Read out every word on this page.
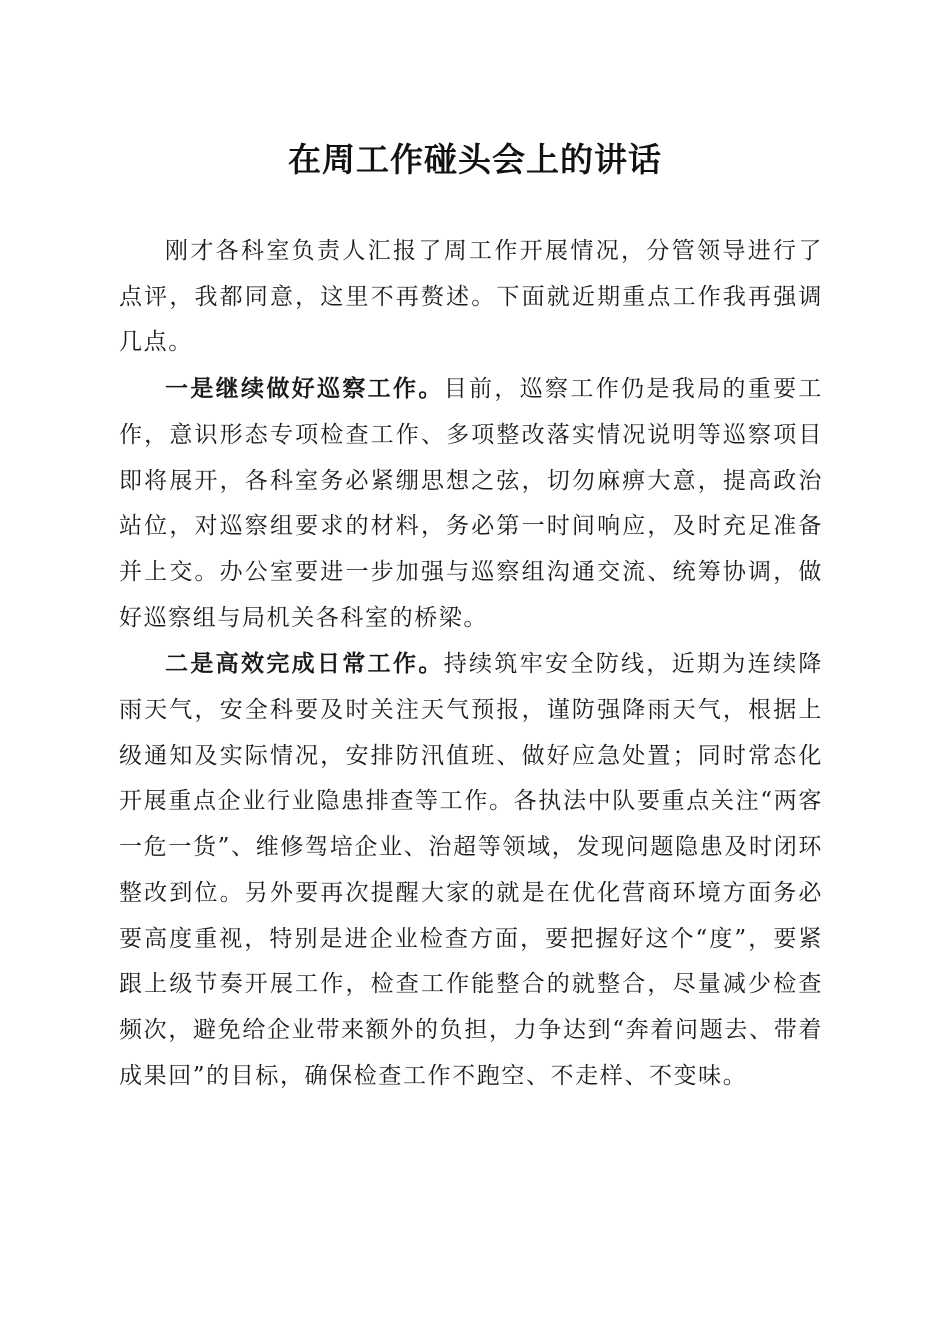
在周工作碰头会上的讲话

刚才各科室负责人汇报了周工作开展情况，分管领导进行了点评，我都同意，这里不再赘述。下面就近期重点工作我再强调几点。

一是继续做好巡察工作。目前，巡察工作仍是我局的重要工作，意识形态专项检查工作、多项整改落实情况说明等巡察项目即将展开，各科室务必紧绷思想之弦，切勿麻痹大意，提高政治站位，对巡察组要求的材料，务必第一时间响应，及时充足准备并上交。办公室要进一步加强与巡察组沟通交流、统筹协调，做好巡察组与局机关各科室的桥梁。

二是高效完成日常工作。持续筑牢安全防线，近期为连续降雨天气，安全科要及时关注天气预报，谨防强降雨天气，根据上级通知及实际情况，安排防汛值班、做好应急处置；同时常态化开展重点企业行业隐患排查等工作。各执法中队要重点关注“两客一危一货”、维修驾培企业、治超等领域，发现问题隐患及时闭环整改到位。另外要再次提醒大家的就是在优化营商环境方面务必要高度重视，特别是进企业检查方面，要把握好这个“度”，要紧跟上级节奏开展工作，检查工作能整合的就整合，尽量减少检查频次，避免给企业带来额外的负担，力争达到“奔着问题去、带着成果回”的目标，确保检查工作不跑空、不走样、不变味。
